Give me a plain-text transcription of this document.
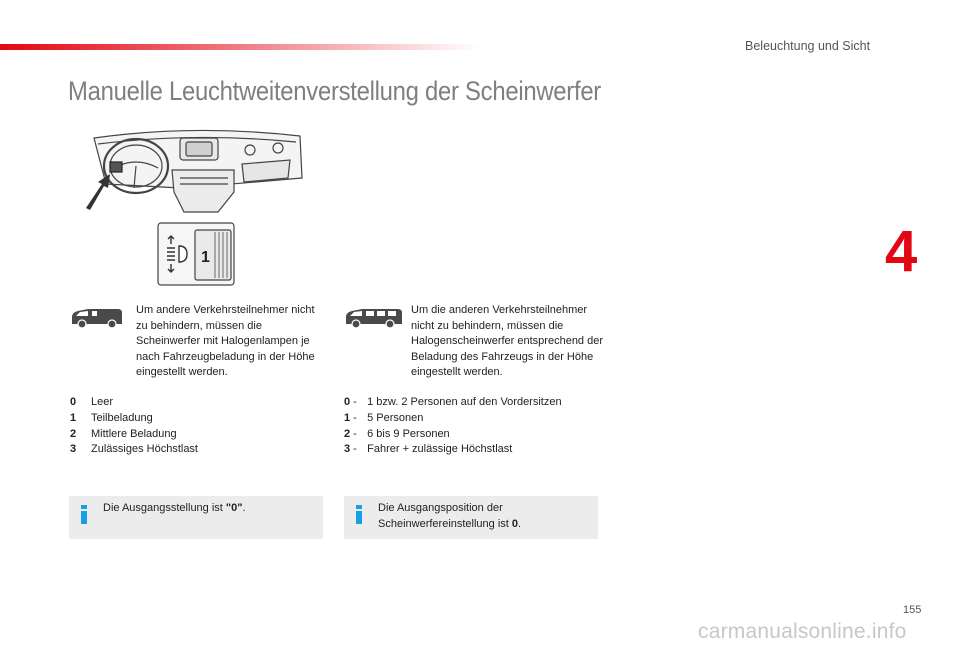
Beleuchtung und Sicht
4
Manuelle Leuchtweitenverstellung der Scheinwerfer
1
Um andere Verkehrsteilnehmer nicht zu behindern, müssen die Scheinwerfer mit Halogenlampen je nach Fahrzeugbeladung in der Höhe eingestellt werden.
Um die anderen Verkehrsteilnehmer nicht zu behindern, müssen die Halogenscheinwerfer entsprechend der Beladung des Fahrzeugs in der Höhe eingestellt werden.
0	Leer
1	Teilbeladung
2	Mittlere Beladung
3	Zulässiges Höchstlast
0 - 1 bzw. 2 Personen auf den Vordersitzen
1 - 5 Personen
2 - 6 bis 9 Personen
3 - Fahrer + zulässige Höchstlast
Die Ausgangsstellung ist "0".	Die Ausgangsposition der Scheinwerfereinstellung ist 0.
155
carmanualsonline.info
